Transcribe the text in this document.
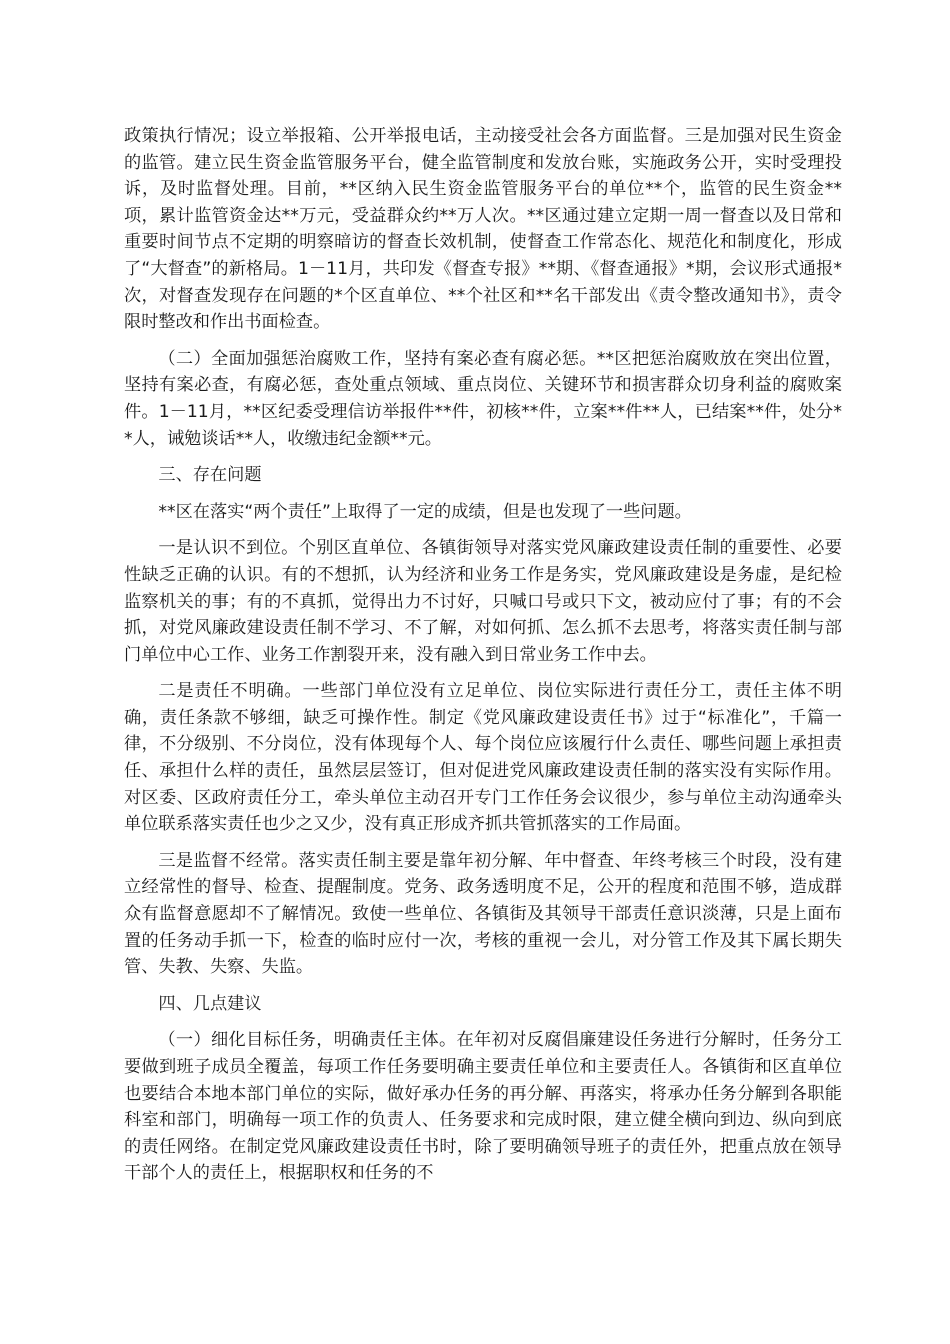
政策执行情况；设立举报箱、公开举报电话，主动接受社会各方面监督。三是加强对民生资金的监管。建立民生资金监管服务平台，健全监管制度和发放台账，实施政务公开，实时受理投诉，及时监督处理。目前，**区纳入民生资金监管服务平台的单位**个，监管的民生资金**项，累计监管资金达**万元，受益群众约**万人次。**区通过建立定期一周一督查以及日常和重要时间节点不定期的明察暗访的督查长效机制，使督查工作常态化、规范化和制度化，形成了“大督查”的新格局。1－11月，共印发《督查专报》**期、《督查通报》*期，会议形式通报*次，对督查发现存在问题的*个区直单位、**个社区和**名干部发出《责令整改通知书》，责令限时整改和作出书面检查。

（二）全面加强惩治腐败工作，坚持有案必查有腐必惩。**区把惩治腐败放在突出位置，坚持有案必查，有腐必惩，查处重点领域、重点岗位、关键环节和损害群众切身利益的腐败案件。1－11月，**区纪委受理信访举报件**件，初核**件，立案**件**人，已结案**件，处分**人，诫勉谈话**人，收缴违纪金额**元。

三、存在问题

**区在落实“两个责任”上取得了一定的成绩，但是也发现了一些问题。

一是认识不到位。个别区直单位、各镇街领导对落实党风廉政建设责任制的重要性、必要性缺乏正确的认识。有的不想抓，认为经济和业务工作是务实，党风廉政建设是务虚，是纪检监察机关的事；有的不真抓，觉得出力不讨好，只喊口号或只下文，被动应付了事；有的不会抓，对党风廉政建设责任制不学习、不了解，对如何抓、怎么抓不去思考，将落实责任制与部门单位中心工作、业务工作割裂开来，没有融入到日常业务工作中去。

二是责任不明确。一些部门单位没有立足单位、岗位实际进行责任分工，责任主体不明确，责任条款不够细，缺乏可操作性。制定《党风廉政建设责任书》过于“标准化”，千篇一律，不分级别、不分岗位，没有体现每个人、每个岗位应该履行什么责任、哪些问题上承担责任、承担什么样的责任，虽然层层签订，但对促进党风廉政建设责任制的落实没有实际作用。对区委、区政府责任分工，牵头单位主动召开专门工作任务会议很少，参与单位主动沟通牵头单位联系落实责任也少之又少，没有真正形成齐抓共管抓落实的工作局面。

三是监督不经常。落实责任制主要是靠年初分解、年中督查、年终考核三个时段，没有建立经常性的督导、检查、提醒制度。党务、政务透明度不足，公开的程度和范围不够，造成群众有监督意愿却不了解情况。致使一些单位、各镇街及其领导干部责任意识淡薄，只是上面布置的任务动手抓一下，检查的临时应付一次，考核的重视一会儿，对分管工作及其下属长期失管、失教、失察、失监。

四、几点建议

（一）细化目标任务，明确责任主体。在年初对反腐倡廉建设任务进行分解时，任务分工要做到班子成员全覆盖，每项工作任务要明确主要责任单位和主要责任人。各镇街和区直单位也要结合本地本部门单位的实际，做好承办任务的再分解、再落实，将承办任务分解到各职能科室和部门，明确每一项工作的负责人、任务要求和完成时限，建立健全横向到边、纵向到底的责任网络。在制定党风廉政建设责任书时，除了要明确领导班子的责任外，把重点放在领导干部个人的责任上，根据职权和任务的不
